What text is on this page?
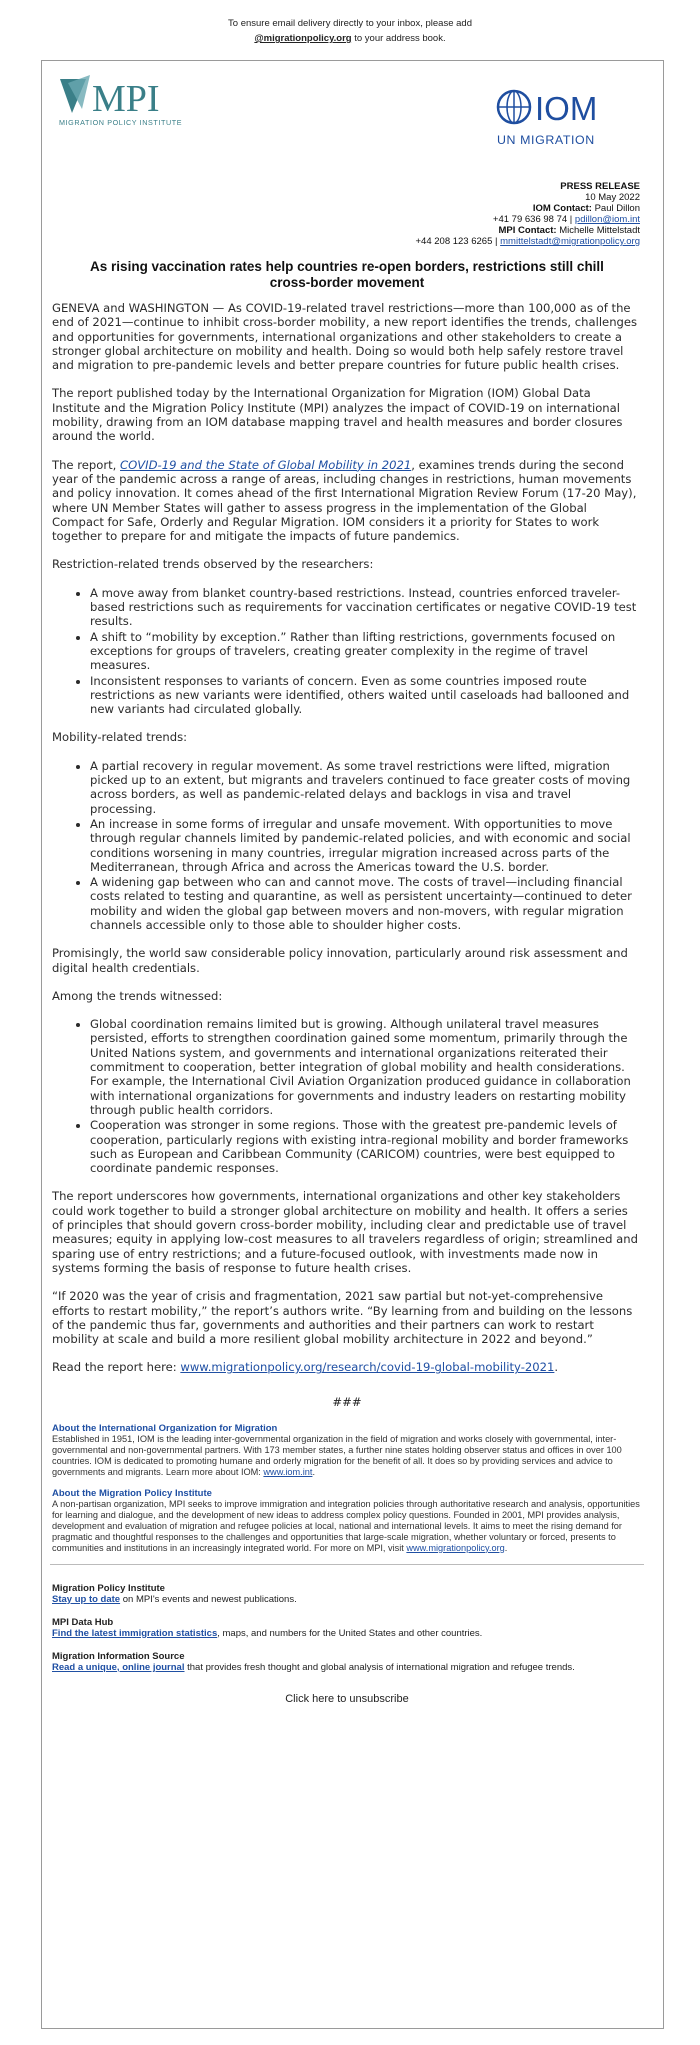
To ensure email delivery directly to your inbox, please add
@migrationpolicy.org to your address book.
MPI
MIGRATION POLICY INSTITUTE	IOM
UN MIGRATION
PRESS RELEASE
10 May 2022
IOM Contact: Paul Dillon
+41 79 636 98 74 | pdillon@iom.int
MPI Contact: Michelle Mittelstadt
+44 208 123 6265 | mmittelstadt@migrationpolicy.org
As rising vaccination rates help countries re-open borders, restrictions still chill cross-border movement

GENEVA and WASHINGTON — As COVID-19-related travel restrictions—more than 100,000 as of the end of 2021—continue to inhibit cross-border mobility, a new report identifies the trends, challenges and opportunities for governments, international organizations and other stakeholders to create a stronger global architecture on mobility and health. Doing so would both help safely restore travel and migration to pre-pandemic levels and better prepare countries for future public health crises.

The report published today by the International Organization for Migration (IOM) Global Data Institute and the Migration Policy Institute (MPI) analyzes the impact of COVID-19 on international mobility, drawing from an IOM database mapping travel and health measures and border closures around the world.

The report, COVID-19 and the State of Global Mobility in 2021, examines trends during the second year of the pandemic across a range of areas, including changes in restrictions, human movements and policy innovation. It comes ahead of the first International Migration Review Forum (17-20 May), where UN Member States will gather to assess progress in the implementation of the Global Compact for Safe, Orderly and Regular Migration. IOM considers it a priority for States to work together to prepare for and mitigate the impacts of future pandemics.

Restriction-related trends observed by the researchers:

• A move away from blanket country-based restrictions. Instead, countries enforced traveler-based restrictions such as requirements for vaccination certificates or negative COVID-19 test results.
• A shift to “mobility by exception.” Rather than lifting restrictions, governments focused on exceptions for groups of travelers, creating greater complexity in the regime of travel measures.
• Inconsistent responses to variants of concern. Even as some countries imposed route restrictions as new variants were identified, others waited until caseloads had ballooned and new variants had circulated globally.

Mobility-related trends:

• A partial recovery in regular movement. As some travel restrictions were lifted, migration picked up to an extent, but migrants and travelers continued to face greater costs of moving across borders, as well as pandemic-related delays and backlogs in visa and travel processing.
• An increase in some forms of irregular and unsafe movement. With opportunities to move through regular channels limited by pandemic-related policies, and with economic and social conditions worsening in many countries, irregular migration increased across parts of the Mediterranean, through Africa and across the Americas toward the U.S. border.
• A widening gap between who can and cannot move. The costs of travel—including financial costs related to testing and quarantine, as well as persistent uncertainty—continued to deter mobility and widen the global gap between movers and non-movers, with regular migration channels accessible only to those able to shoulder higher costs.

Promisingly, the world saw considerable policy innovation, particularly around risk assessment and digital health credentials.

Among the trends witnessed:

• Global coordination remains limited but is growing. Although unilateral travel measures persisted, efforts to strengthen coordination gained some momentum, primarily through the United Nations system, and governments and international organizations reiterated their commitment to cooperation, better integration of global mobility and health considerations. For example, the International Civil Aviation Organization produced guidance in collaboration with international organizations for governments and industry leaders on restarting mobility through public health corridors.
• Cooperation was stronger in some regions. Those with the greatest pre-pandemic levels of cooperation, particularly regions with existing intra-regional mobility and border frameworks such as European and Caribbean Community (CARICOM) countries, were best equipped to coordinate pandemic responses.

The report underscores how governments, international organizations and other key stakeholders could work together to build a stronger global architecture on mobility and health. It offers a series of principles that should govern cross-border mobility, including clear and predictable use of travel measures; equity in applying low-cost measures to all travelers regardless of origin; streamlined and sparing use of entry restrictions; and a future-focused outlook, with investments made now in systems forming the basis of response to future health crises.

“If 2020 was the year of crisis and fragmentation, 2021 saw partial but not-yet-comprehensive efforts to restart mobility,” the report’s authors write. “By learning from and building on the lessons of the pandemic thus far, governments and authorities and their partners can work to restart mobility at scale and build a more resilient global mobility architecture in 2022 and beyond.”

Read the report here: www.migrationpolicy.org/research/covid-19-global-mobility-2021.

###
About the International Organization for Migration

Established in 1951, IOM is the leading inter-governmental organization in the field of migration and works closely with governmental, inter-governmental and non-governmental partners. With 173 member states, a further nine states holding observer status and offices in over 100 countries. IOM is dedicated to promoting humane and orderly migration for the benefit of all. It does so by providing services and advice to governments and migrants. Learn more about IOM: www.iom.int.

About the Migration Policy Institute

A non-partisan organization, MPI seeks to improve immigration and integration policies through authoritative research and analysis, opportunities for learning and dialogue, and the development of new ideas to address complex policy questions. Founded in 2001, MPI provides analysis, development and evaluation of migration and refugee policies at local, national and international levels. It aims to meet the rising demand for pragmatic and thoughtful responses to the challenges and opportunities that large-scale migration, whether voluntary or forced, presents to communities and institutions in an increasingly integrated world. For more on MPI, visit www.migrationpolicy.org.

Migration Policy Institute
Stay up to date on MPI's events and newest publications.
MPI Data Hub
Find the latest immigration statistics, maps, and numbers for the United States and other countries.
Migration Information Source
Read a unique, online journal that provides fresh thought and global analysis of international migration and refugee trends.
Click here to unsubscribe
